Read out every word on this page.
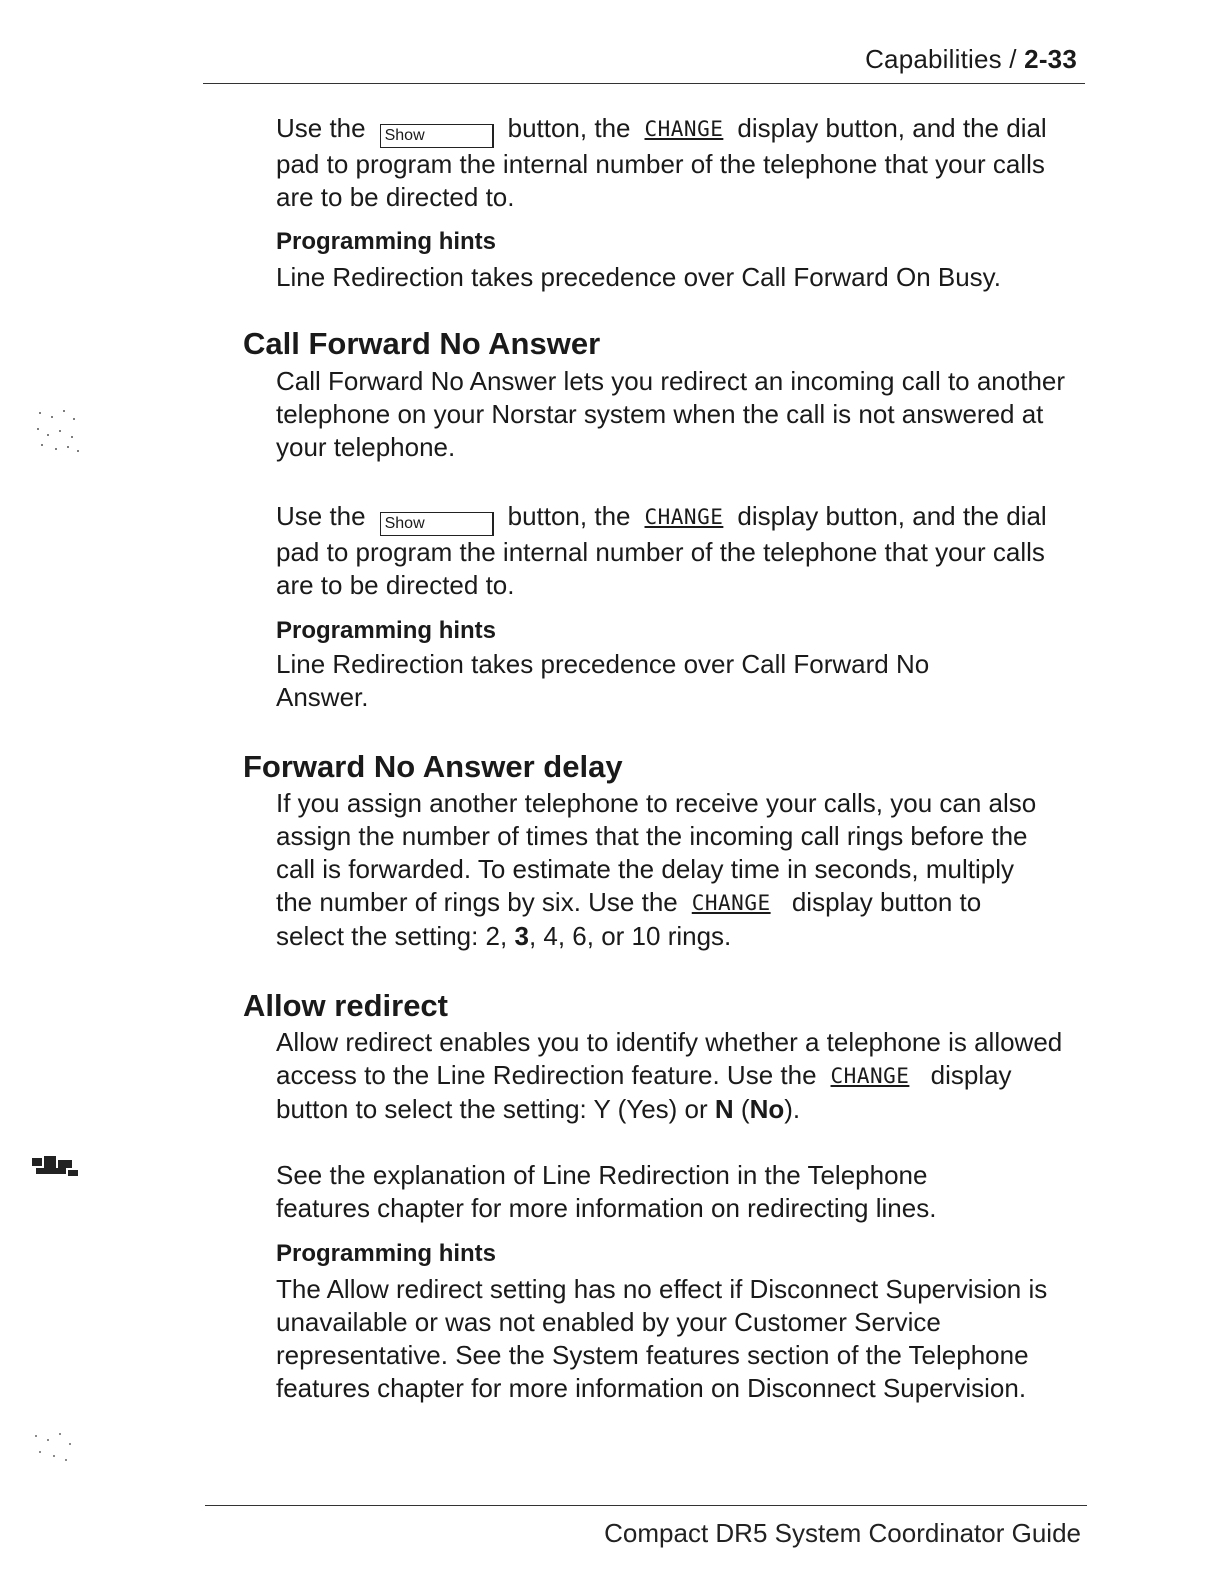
Capabilities / 2-33

Use the Show	button, the CHANGE display button, and the dial pad to program the internal number of the telephone that your calls are to be directed to.

Programming hints

Line Redirection takes precedence over Call Forward On Busy.

Call Forward No Answer

Call Forward No Answer lets you redirect an incoming call to another telephone on your Norstar system when the call is not answered at your telephone.

Use the Show	button, the CHANGE display button, and the dial pad to program the internal number of the telephone that your calls are to be directed to.

Programming hints

Line Redirection takes precedence over Call Forward No Answer.

Forward No Answer delay

If you assign another telephone to receive your calls, you can also assign the number of times that the incoming call rings before the call is forwarded. To estimate the delay time in seconds, multiply the number of rings by six. Use the CHANGE display button to select the setting: 2, 3, 4, 6, or 10 rings.

Allow redirect

Allow redirect enables you to identify whether a telephone is allowed access to the Line Redirection feature. Use the CHANGE display button to select the setting: Y (Yes) or N (No).

See the explanation of Line Redirection in the Telephone features chapter for more information on redirecting lines.

Programming hints

The Allow redirect setting has no effect if Disconnect Supervision is unavailable or was not enabled by your Customer Service representative. See the System features section of the Telephone features chapter for more information on Disconnect Supervision.

Compact DR5 System Coordinator Guide
